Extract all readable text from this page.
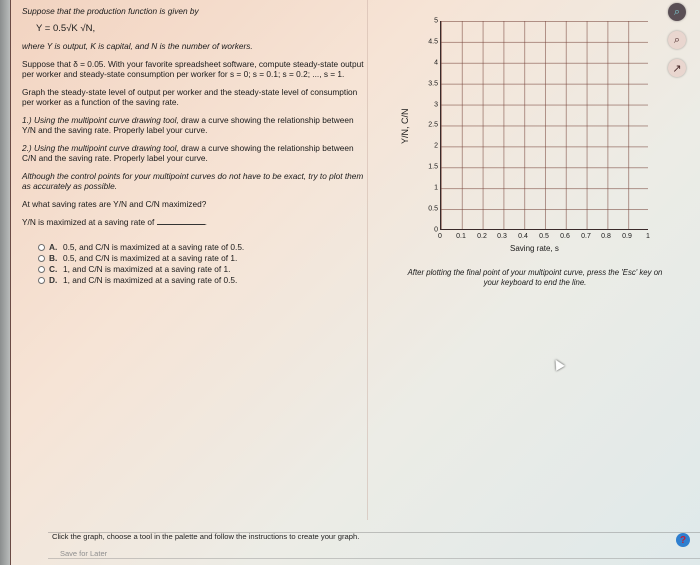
Suppose that the production function is given by

Y = 0.5√K √N,

where Y is output, K is capital, and N is the number of workers.

Suppose that δ = 0.05. With your favorite spreadsheet software, compute steady-state output per worker and steady-state consumption per worker for s = 0; s = 0.1; s = 0.2; ..., s = 1.

Graph the steady-state level of output per worker and the steady-state level of consumption per worker as a function of the saving rate.

1.) Using the multipoint curve drawing tool, draw a curve showing the relationship between Y/N and the saving rate. Properly label your curve.

2.) Using the multipoint curve drawing tool, draw a curve showing the relationship between C/N and the saving rate. Properly label your curve.

Although the control points for your multipoint curves do not have to be exact, try to plot them as accurately as possible.

At what saving rates are Y/N and C/N maximized?

Y/N is maximized at a saving rate of	.

A. 0.5, and C/N is maximized at a saving rate of 0.5.
B. 0.5, and C/N is maximized at a saving rate of 1.
C. 1, and C/N is maximized at a saving rate of 1.
D. 1, and C/N is maximized at a saving rate of 0.5.
Y/N, C/N
0
0.5
1
1.5
2
2.5
3
3.5
4
4.5
5
0 0.1 0.2 0.3 0.4 0.5 0.6 0.7 0.8 0.9 1
Saving rate, s
After plotting the final point of your multipoint curve, press the 'Esc' key on your keyboard to end the line.
⌕
⌕
↗
Click the graph, choose a tool in the palette and follow the instructions to create your graph.
Save for Later
?
